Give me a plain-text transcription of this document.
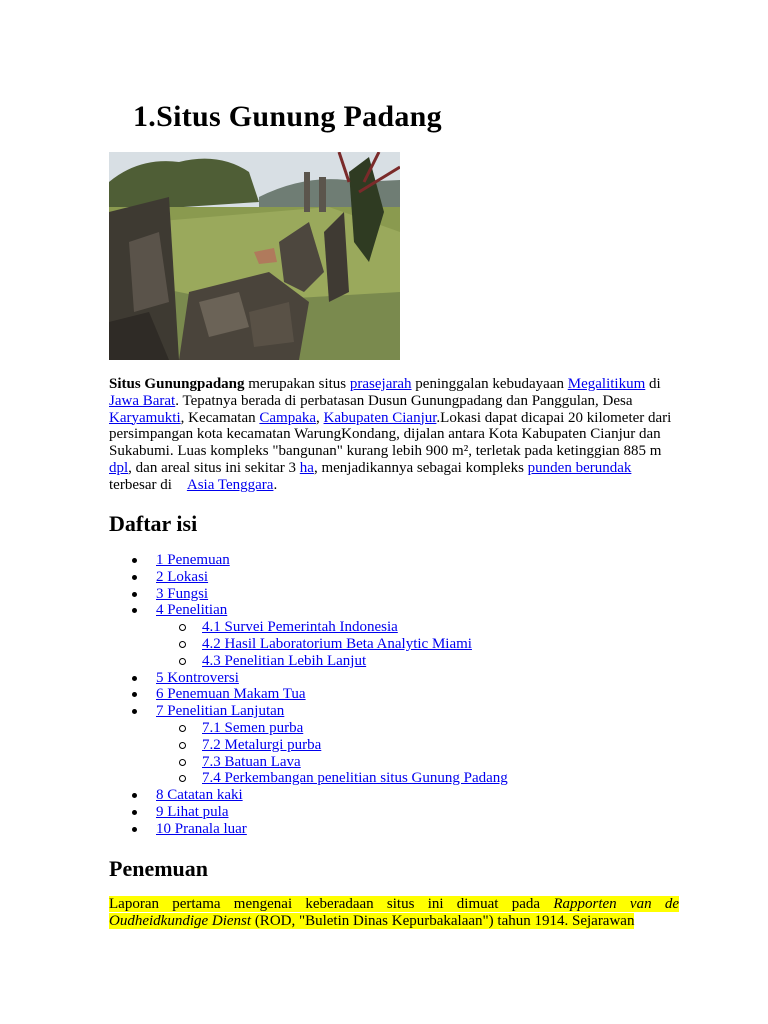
1.Situs Gunung Padang
Situs Gunungpadang merupakan situs prasejarah peninggalan kebudayaan Megalitikum di Jawa Barat. Tepatnya berada di perbatasan Dusun Gunungpadang dan Panggulan, Desa Karyamukti, Kecamatan Campaka, Kabupaten Cianjur.Lokasi dapat dicapai 20 kilometer dari persimpangan kota kecamatan WarungKondang, dijalan antara Kota Kabupaten Cianjur dan Sukabumi. Luas kompleks "bangunan" kurang lebih 900 m², terletak pada ketinggian 885 m dpl, dan areal situs ini sekitar 3 ha, menjadikannya sebagai kompleks punden berundak terbesar di    Asia Tenggara.
Daftar isi
1 Penemuan
2 Lokasi
3 Fungsi
4 Penelitian
4.1 Survei Pemerintah Indonesia
4.2 Hasil Laboratorium Beta Analytic Miami
4.3 Penelitian Lebih Lanjut
5 Kontroversi
6 Penemuan Makam Tua
7 Penelitian Lanjutan
7.1 Semen purba
7.2 Metalurgi purba
7.3 Batuan Lava
7.4 Perkembangan penelitian situs Gunung Padang
8 Catatan kaki
9 Lihat pula
10 Pranala luar
Penemuan
Laporan pertama mengenai keberadaan situs ini dimuat pada Rapporten van de Oudheidkundige Dienst (ROD, "Buletin Dinas Kepurbakalaan") tahun 1914. Sejarawan
